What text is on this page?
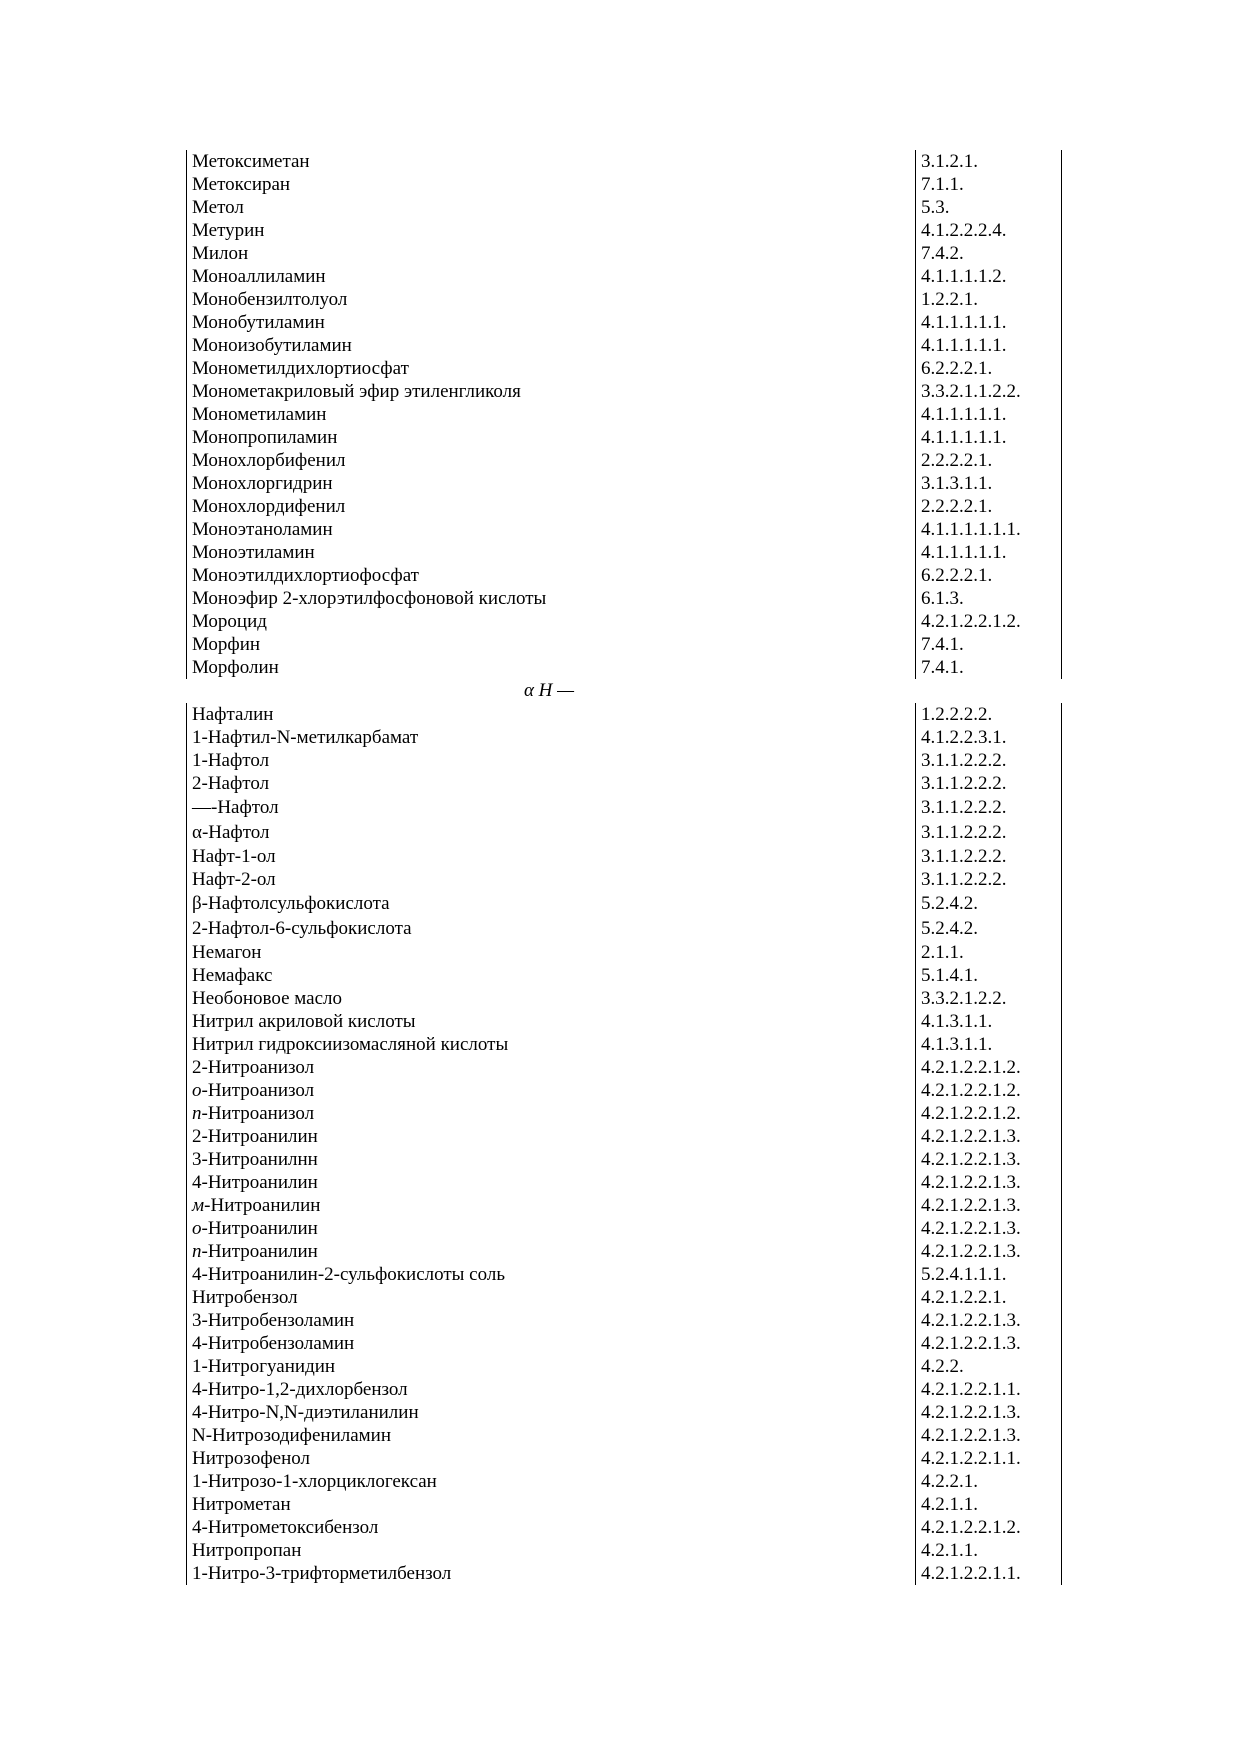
Метоксиметан	3.1.2.1.
Метоксиран	7.1.1.
Метол	5.3.
Метурин	4.1.2.2.2.4.
Милон	7.4.2.
Моноаллиламин	4.1.1.1.1.2.
Монобензилтолуол	1.2.2.1.
Монобутиламин	4.1.1.1.1.1.
Моноизобутиламин	4.1.1.1.1.1.
Монометилдихлортиосфат	6.2.2.2.1.
Монометакриловый эфир этиленгликоля	3.3.2.1.1.2.2.
Монометиламин	4.1.1.1.1.1.
Монопропиламин	4.1.1.1.1.1.
Монохлорбифенил	2.2.2.2.1.
Монохлоргидрин	3.1.3.1.1.
Монохлордифенил	2.2.2.2.1.
Моноэтаноламин	4.1.1.1.1.1.1.
Моноэтиламин	4.1.1.1.1.1.
Моноэтилдихлортиофосфат	6.2.2.2.1.
Моноэфир 2-хлорэтилфосфоновой кислоты	6.1.3.
Мороцид	4.2.1.2.2.1.2.
Морфин	7.4.1.
Морфолин	7.4.1.
α H —	
Нафталин	1.2.2.2.2.
1-Нафтил-N-метилкарбамат	4.1.2.2.3.1.
1-Нафтол	3.1.1.2.2.2.
2-Нафтол	3.1.1.2.2.2.
—-Нафтол	3.1.1.2.2.2.
α-Нафтол	3.1.1.2.2.2.
Нафт-1-ол	3.1.1.2.2.2.
Нафт-2-ол	3.1.1.2.2.2.
β-Нафтолсульфокислота	5.2.4.2.
2-Нафтол-6-сульфокислота	5.2.4.2.
Немагон	2.1.1.
Немафакс	5.1.4.1.
Необоновое масло	3.3.2.1.2.2.
Нитрил акриловой кислоты	4.1.3.1.1.
Нитрил гидроксиизомасляной кислоты	4.1.3.1.1.
2-Нитроанизол	4.2.1.2.2.1.2.
о-Нитроанизол	4.2.1.2.2.1.2.
п-Нитроанизол	4.2.1.2.2.1.2.
2-Нитроанилин	4.2.1.2.2.1.3.
3-Нитроанилнн	4.2.1.2.2.1.3.
4-Нитроанилин	4.2.1.2.2.1.3.
м-Нитроанилин	4.2.1.2.2.1.3.
о-Нитроанилин	4.2.1.2.2.1.3.
п-Нитроанилин	4.2.1.2.2.1.3.
4-Нитроанилин-2-сульфокислоты соль	5.2.4.1.1.1.
Нитробензол	4.2.1.2.2.1.
3-Нитробензоламин	4.2.1.2.2.1.3.
4-Нитробензоламин	4.2.1.2.2.1.3.
1-Нитрогуанидин	4.2.2.
4-Нитро-1,2-дихлорбензол	4.2.1.2.2.1.1.
4-Нитро-N,N-диэтиланилин	4.2.1.2.2.1.3.
N-Нитрозодифениламин	4.2.1.2.2.1.3.
Нитрозофенол	4.2.1.2.2.1.1.
1-Нитрозо-1-хлорциклогексан	4.2.2.1.
Нитрометан	4.2.1.1.
4-Нитрометоксибензол	4.2.1.2.2.1.2.
Нитропропан	4.2.1.1.
1-Нитро-3-трифторметилбензол	4.2.1.2.2.1.1.
